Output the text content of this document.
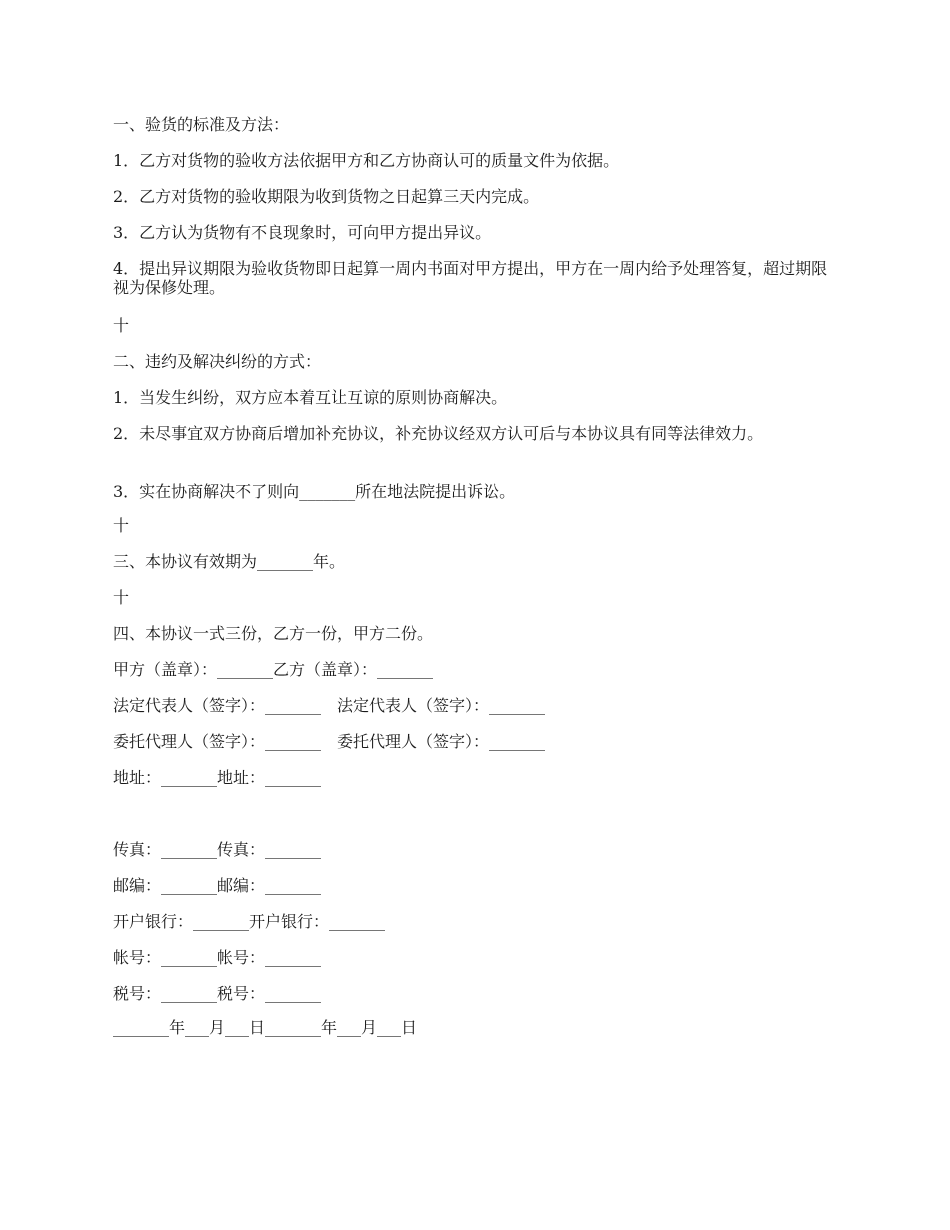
一、验货的标准及方法：
1．乙方对货物的验收方法依据甲方和乙方协商认可的质量文件为依据。
2．乙方对货物的验收期限为收到货物之日起算三天内完成。
3．乙方认为货物有不良现象时，可向甲方提出异议。
4．提出异议期限为验收货物即日起算一周内书面对甲方提出，甲方在一周内给予处理答复，超过期限视为保修处理。
十
二、违约及解决纠纷的方式：
1．当发生纠纷，双方应本着互让互谅的原则协商解决。
2．未尽事宜双方协商后增加补充协议，补充协议经双方认可后与本协议具有同等法律效力。
3．实在协商解决不了则向_______所在地法院提出诉讼。
十
三、本协议有效期为_______年。
十
四、本协议一式三份，乙方一份，甲方二份。
甲方（盖章）：_______乙方（盖章）：_______
法定代表人（签字）：_______　法定代表人（签字）：_______
委托代理人（签字）：_______　委托代理人（签字）：_______
地址：_______地址：_______
传真：_______传真：_______
邮编：_______邮编：_______
开户银行：_______开户银行：_______
帐号：_______帐号：_______
税号：_______税号：_______
_______年___月___日_______年___月___日
